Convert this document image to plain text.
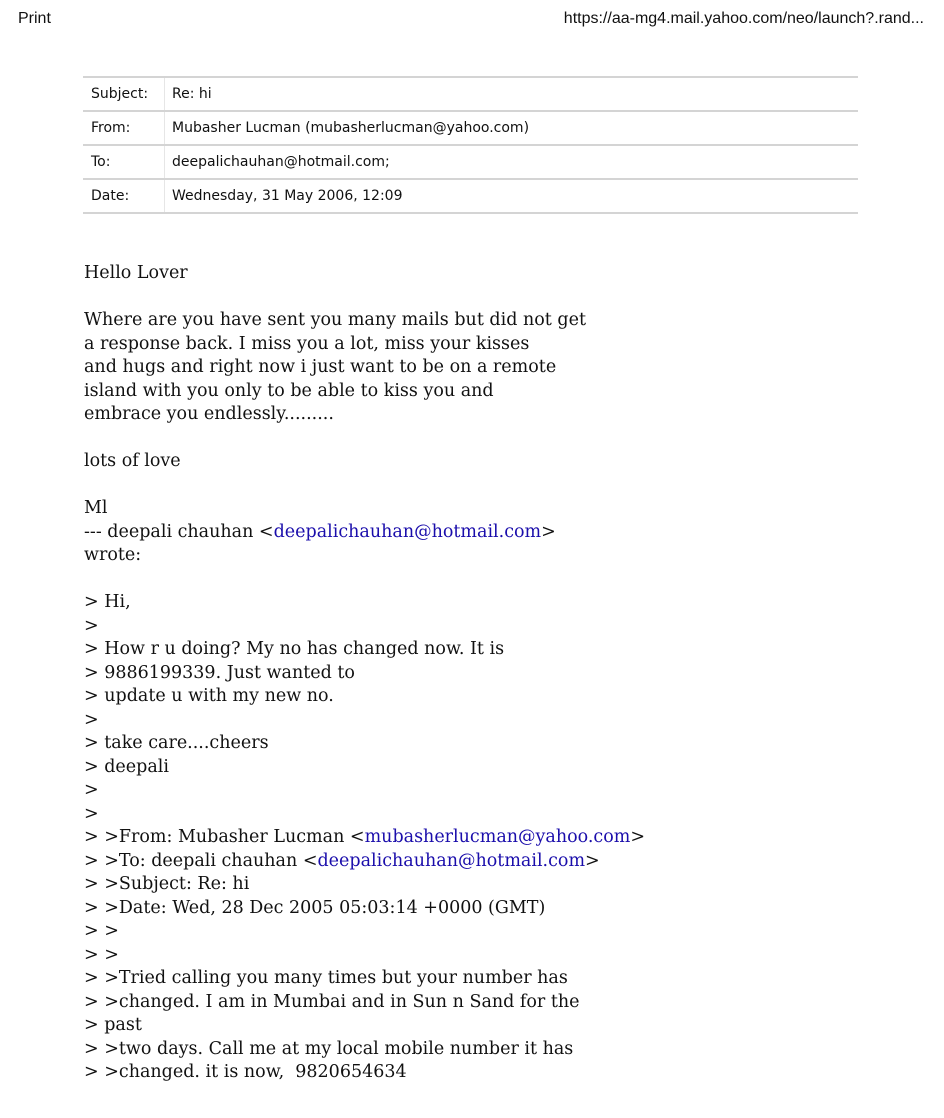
Print	https://aa-mg4.mail.yahoo.com/neo/launch?.rand...
Subject:	Re: hi
From:	Mubasher Lucman (mubasherlucman@yahoo.com)
To:	deepalichauhan@hotmail.com;
Date:	Wednesday, 31 May 2006, 12:09
Hello Lover
Where are you have sent you many mails but did not get
a response back. I miss you a lot, miss your kisses
and hugs and right now i just want to be on a remote
island with you only to be able to kiss you and
embrace you endlessly.........
lots of love
Ml
--- deepali chauhan <deepalichauhan@hotmail.com>
wrote:
> Hi,
>
> How r u doing? My no has changed now. It is
> 9886199339. Just wanted to
> update u with my new no.
>
> take care....cheers
> deepali
>
>
> >From: Mubasher Lucman <mubasherlucman@yahoo.com>
> >To: deepali chauhan <deepalichauhan@hotmail.com>
> >Subject: Re: hi
> >Date: Wed, 28 Dec 2005 05:03:14 +0000 (GMT)
> >
> >
> >Tried calling you many times but your number has
> >changed. I am in Mumbai and in Sun n Sand for the
> past
> >two days. Call me at my local mobile number it has
> >changed. it is now,  9820654634
